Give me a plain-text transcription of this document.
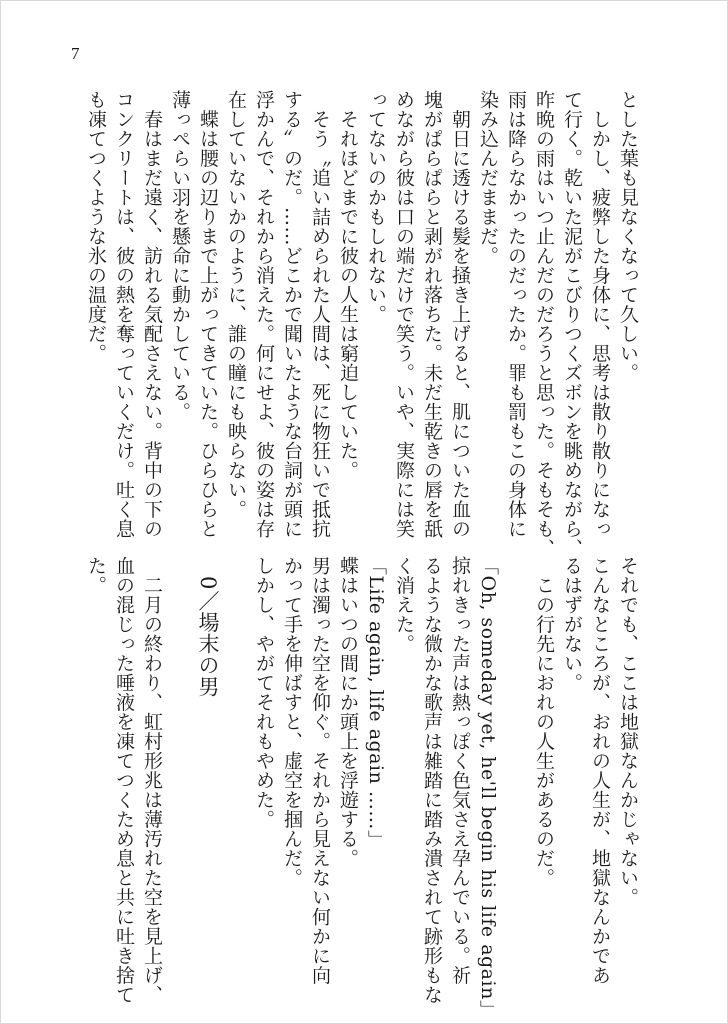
7
とした葉も見なくなって久しい。
　しかし、疲弊した身体に、思考は散り散りになっ
て行く。乾いた泥がこびりつくズボンを眺めながら、
昨晩の雨はいつ止んだのだろうと思った。そもそも、
雨は降らなかったのだったか。罪も罰もこの身体に
染み込んだままだ。
　朝日に透ける髪を掻き上げると、肌についた血の
塊がぱらぱらと剥がれ落ちた。未だ生乾きの唇を舐
めながら彼は口の端だけで笑う。いや、実際には笑
ってないのかもしれない。
　それほどまでに彼の人生は窮迫していた。
　そう〝追い詰められた人間は、死に物狂いで抵抗
する〟のだ。……どこかで聞いたような台詞が頭に
浮かんで、それから消えた。何にせよ、彼の姿は存
在していないかのように、誰の瞳にも映らない。
　蝶は腰の辺りまで上がってきていた。ひらひらと
薄っぺらい羽を懸命に動かしている。
　春はまだ遠く、訪れる気配さえない。背中の下の
コンクリートは、彼の熱を奪っていくだけ。吐く息
も凍てつくような氷の温度だ。
それでも、ここは地獄なんかじゃない。
こんなところが、おれの人生が、地獄なんかであ
るはずがない。
　この行先におれの人生があるのだ。
「Oh, someday yet, he'll begin his life again」
掠れきった声は熱っぽく色気さえ孕んでいる。祈
るような微かな歌声は雑踏に踏み潰されて跡形もな
く消えた。
「Life again, life again ……」
蝶はいつの間にか頭上を浮遊する。
男は濁った空を仰ぐ。それから見えない何かに向
かって手を伸ばすと、虚空を掴んだ。
しかし、やがてそれもやめた。
0／場末の男
　二月の終わり、虹村形兆は薄汚れた空を見上げ、
血の混じった唾液を凍てつくため息と共に吐き捨て
た。
